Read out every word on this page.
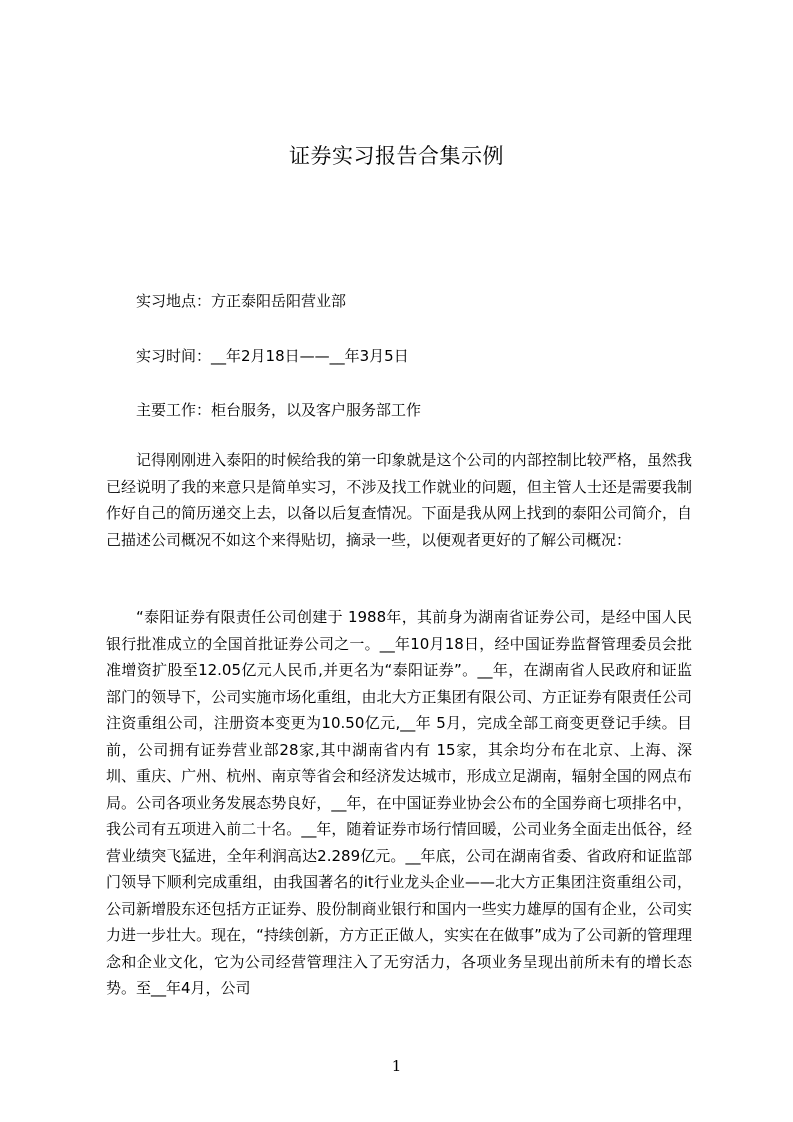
证券实习报告合集示例
实习地点：方正泰阳岳阳营业部
实习时间：__年2月18日——__年3月5日
主要工作：柜台服务，以及客户服务部工作

记得刚刚进入泰阳的时候给我的第一印象就是这个公司的内部控制比较严格，虽然我已经说明了我的来意只是简单实习，不涉及找工作就业的问题，但主管人士还是需要我制作好自己的简历递交上去，以备以后复查情况。下面是我从网上找到的泰阳公司简介，自己描述公司概况不如这个来得贴切，摘录一些，以便观者更好的了解公司概况：

“泰阳证券有限责任公司创建于 1988年，其前身为湖南省证券公司，是经中国人民银行批准成立的全国首批证券公司之一。__年10月18日，经中国证券监督管理委员会批准增资扩股至12.05亿元人民币,并更名为“泰阳证券”。__年，在湖南省人民政府和证监部门的领导下，公司实施市场化重组，由北大方正集团有限公司、方正证券有限责任公司注资重组公司，注册资本变更为10.50亿元,__年 5月，完成全部工商变更登记手续。目前，公司拥有证券营业部28家,其中湖南省内有 15家，其余均分布在北京、上海、深圳、重庆、广州、杭州、南京等省会和经济发达城市，形成立足湖南，辐射全国的网点布局。公司各项业务发展态势良好，__年，在中国证券业协会公布的全国券商七项排名中，我公司有五项进入前二十名。__年，随着证券市场行情回暖，公司业务全面走出低谷，经营业绩突飞猛进，全年利润高达2.289亿元。__年底，公司在湖南省委、省政府和证监部门领导下顺利完成重组，由我国著名的it行业龙头企业——北大方正集团注资重组公司，公司新增股东还包括方正证券、股份制商业银行和国内一些实力雄厚的国有企业，公司实力进一步壮大。现在，“持续创新，方方正正做人，实实在在做事”成为了公司新的管理理念和企业文化，它为公司经营管理注入了无穷活力，各项业务呈现出前所未有的增长态势。至__年4月，公司

1
